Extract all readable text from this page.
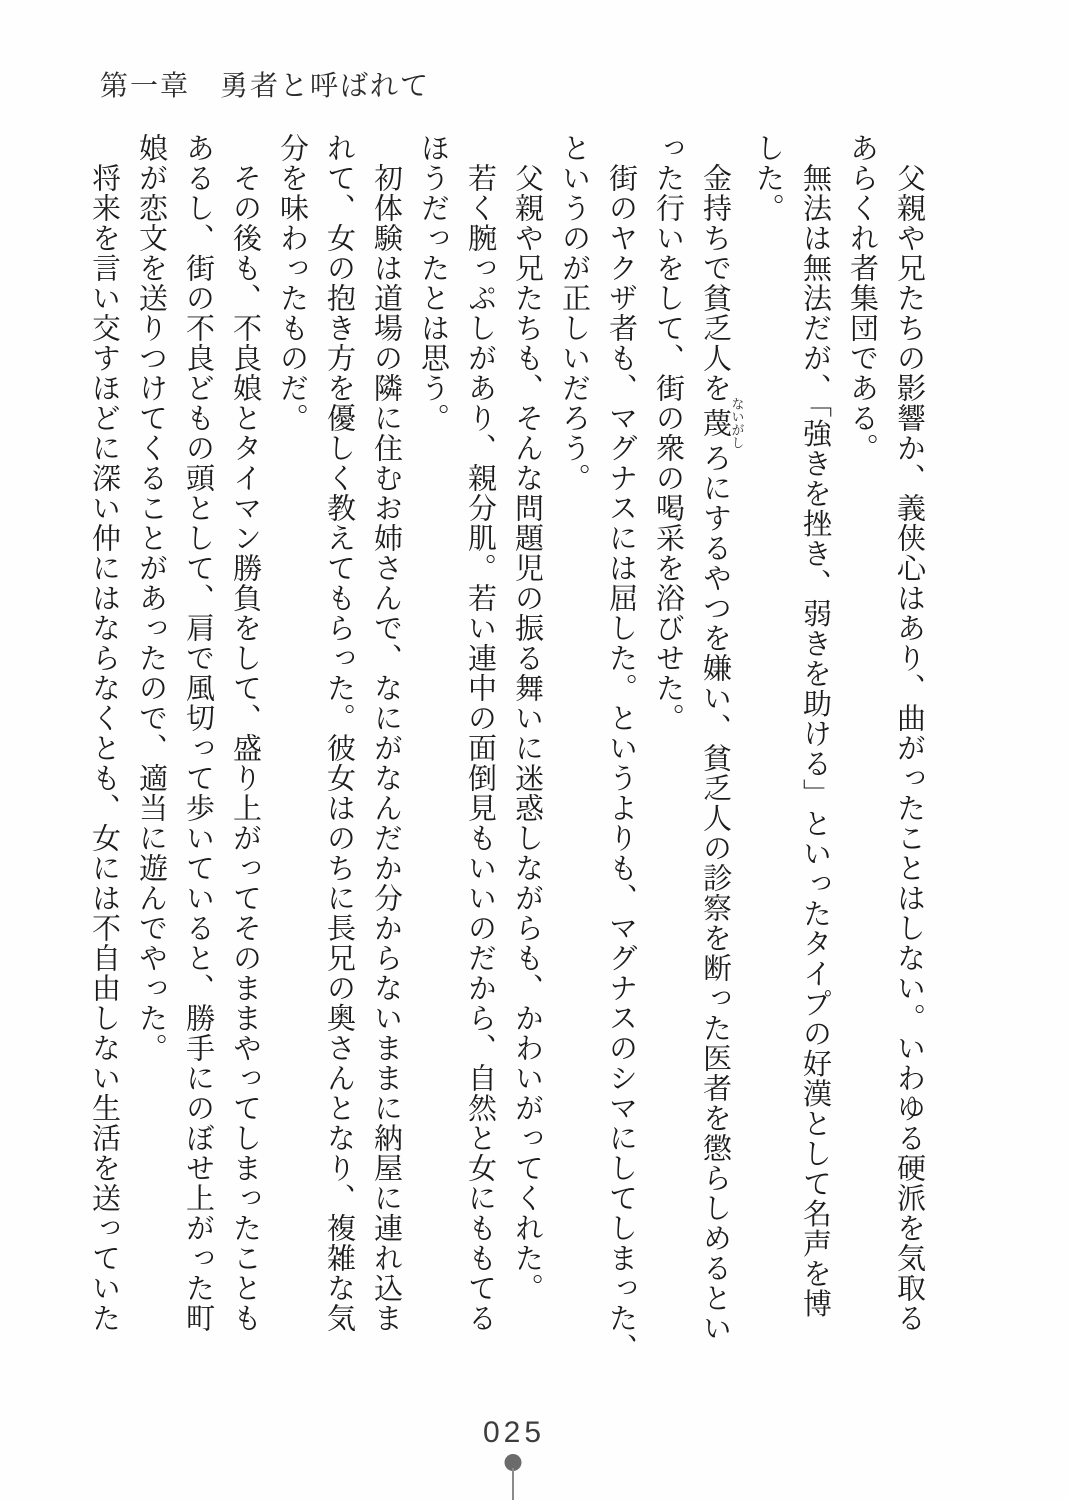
第一章　勇者と呼ばれて

父親や兄たちの影響か、義侠心はあり、曲がったことはしない。いわゆる硬派を気取る

あらくれ者集団である。

無法は無法だが、「強きを挫き、弱きを助ける」といったタイプの好漢として名声を博

した。

金持ちで貧乏人を蔑ないがしろにするやつを嫌い、貧乏人の診察を断った医者を懲らしめるとい

った行いをして、街の衆の喝采を浴びせた。

街のヤクザ者も、マグナスには屈した。というよりも、マグナスのシマにしてしまった、

というのが正しいだろう。

父親や兄たちも、そんな問題児の振る舞いに迷惑しながらも、かわいがってくれた。

若く腕っぷしがあり、親分肌。若い連中の面倒見もいいのだから、自然と女にももてる

ほうだったとは思う。

初体験は道場の隣に住むお姉さんで、なにがなんだか分からないままに納屋に連れ込ま

れて、女の抱き方を優しく教えてもらった。彼女はのちに長兄の奥さんとなり、複雑な気

分を味わったものだ。

その後も、不良娘とタイマン勝負をして、盛り上がってそのままやってしまったことも

あるし、街の不良どもの頭として、肩で風切って歩いていると、勝手にのぼせ上がった町

娘が恋文を送りつけてくることがあったので、適当に遊んでやった。

将来を言い交すほどに深い仲にはならなくとも、女には不自由しない生活を送っていた

025
